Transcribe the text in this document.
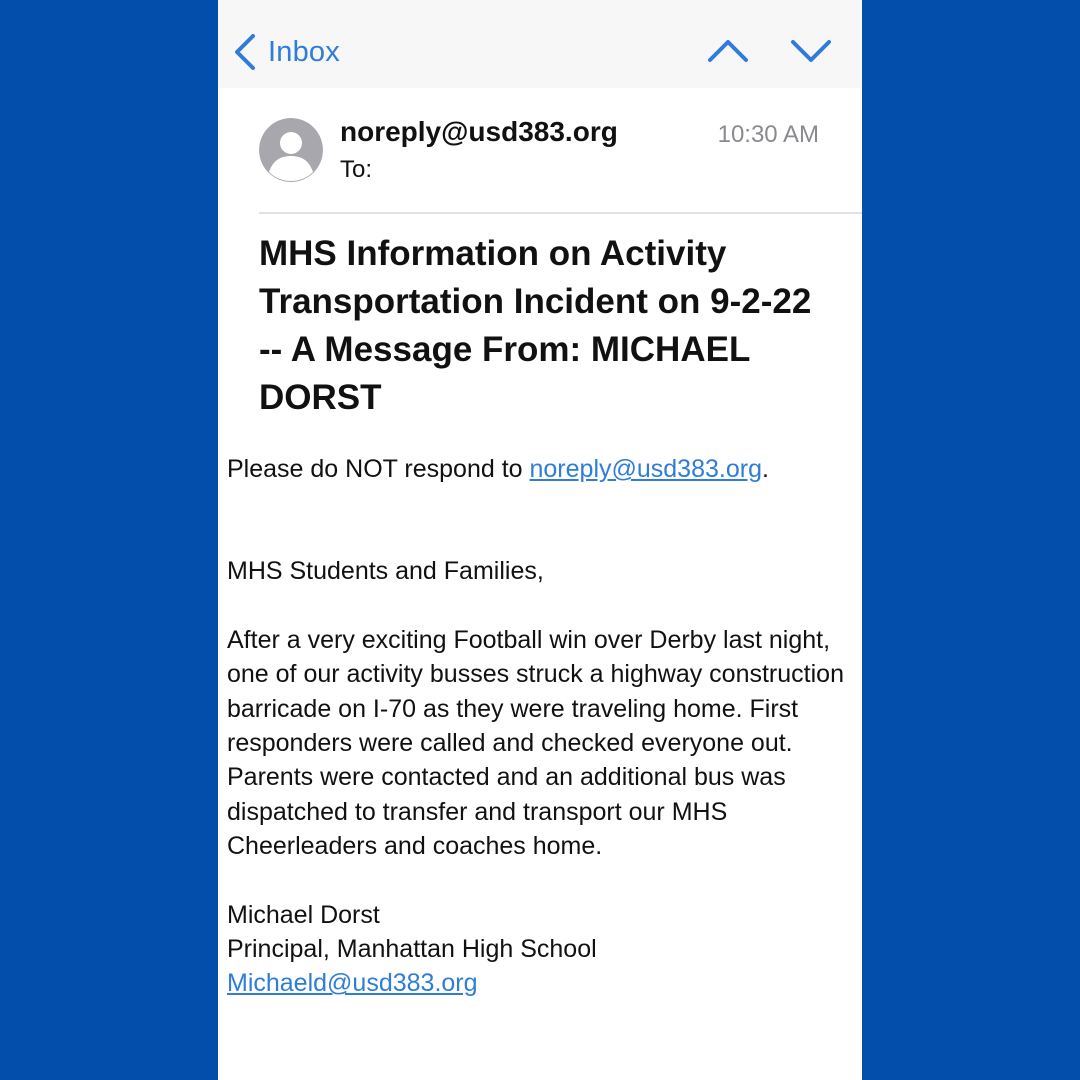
Inbox
noreply@usd383.org
To:
10:30 AM
MHS Information on Activity Transportation Incident on 9-2-22 -- A Message From: MICHAEL DORST

Please do NOT respond to noreply@usd383.org.

MHS Students and Families,

After a very exciting Football win over Derby last night, one of our activity busses struck a highway construction barricade on I-70 as they were traveling home. First responders were called and checked everyone out. Parents were contacted and an additional bus was dispatched to transfer and transport our MHS Cheerleaders and coaches home.

Michael Dorst
Principal, Manhattan High School
Michaeld@usd383.org
